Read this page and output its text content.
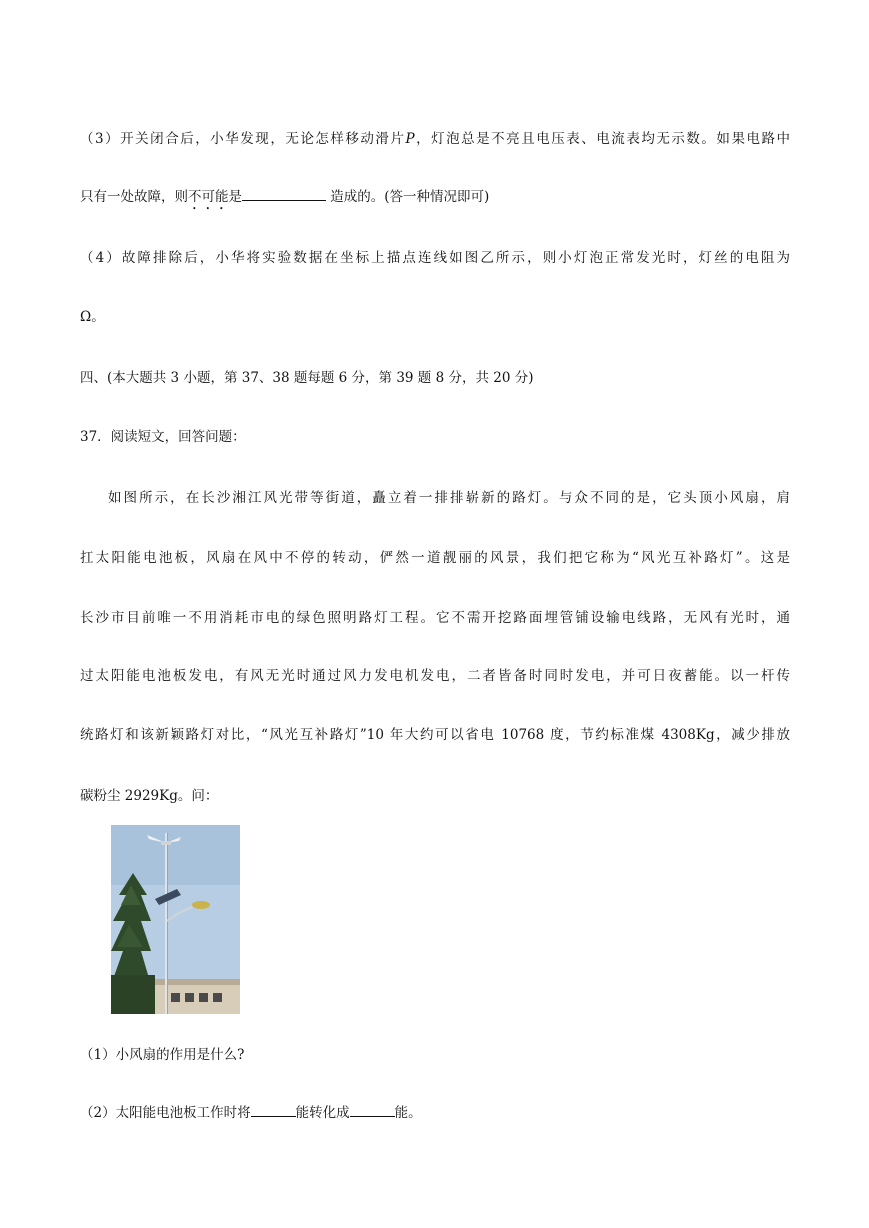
（3）开关闭合后，小华发现，无论怎样移动滑片P，灯泡总是不亮且电压表、电流表均无示数。如果电路中
只有一处故障，则不可能是	造成的。(答一种情况即可)
（4）故障排除后，小华将实验数据在坐标上描点连线如图乙所示，则小灯泡正常发光时，灯丝的电阻为
Ω。
四、(本大题共 3 小题，第 37、38 题每题 6 分，第 39 题 8 分，共 20 分)
37．阅读短文，回答问题：
如图所示，在长沙湘江风光带等街道，矗立着一排排崭新的路灯。与众不同的是，它头顶小风扇，肩
扛太阳能电池板，风扇在风中不停的转动，俨然一道靓丽的风景，我们把它称为“风光互补路灯”。这是
长沙市目前唯一不用消耗市电的绿色照明路灯工程。它不需开挖路面埋管铺设输电线路，无风有光时，通
过太阳能电池板发电，有风无光时通过风力发电机发电，二者皆备时同时发电，并可日夜蓄能。以一杆传
统路灯和该新颖路灯对比，“风光互补路灯”10 年大约可以省电 10768 度，节约标准煤 4308Kg，减少排放
碳粉尘 2929Kg。问：
（1）小风扇的作用是什么?
（2）太阳能电池板工作时将	能转化成	能。
